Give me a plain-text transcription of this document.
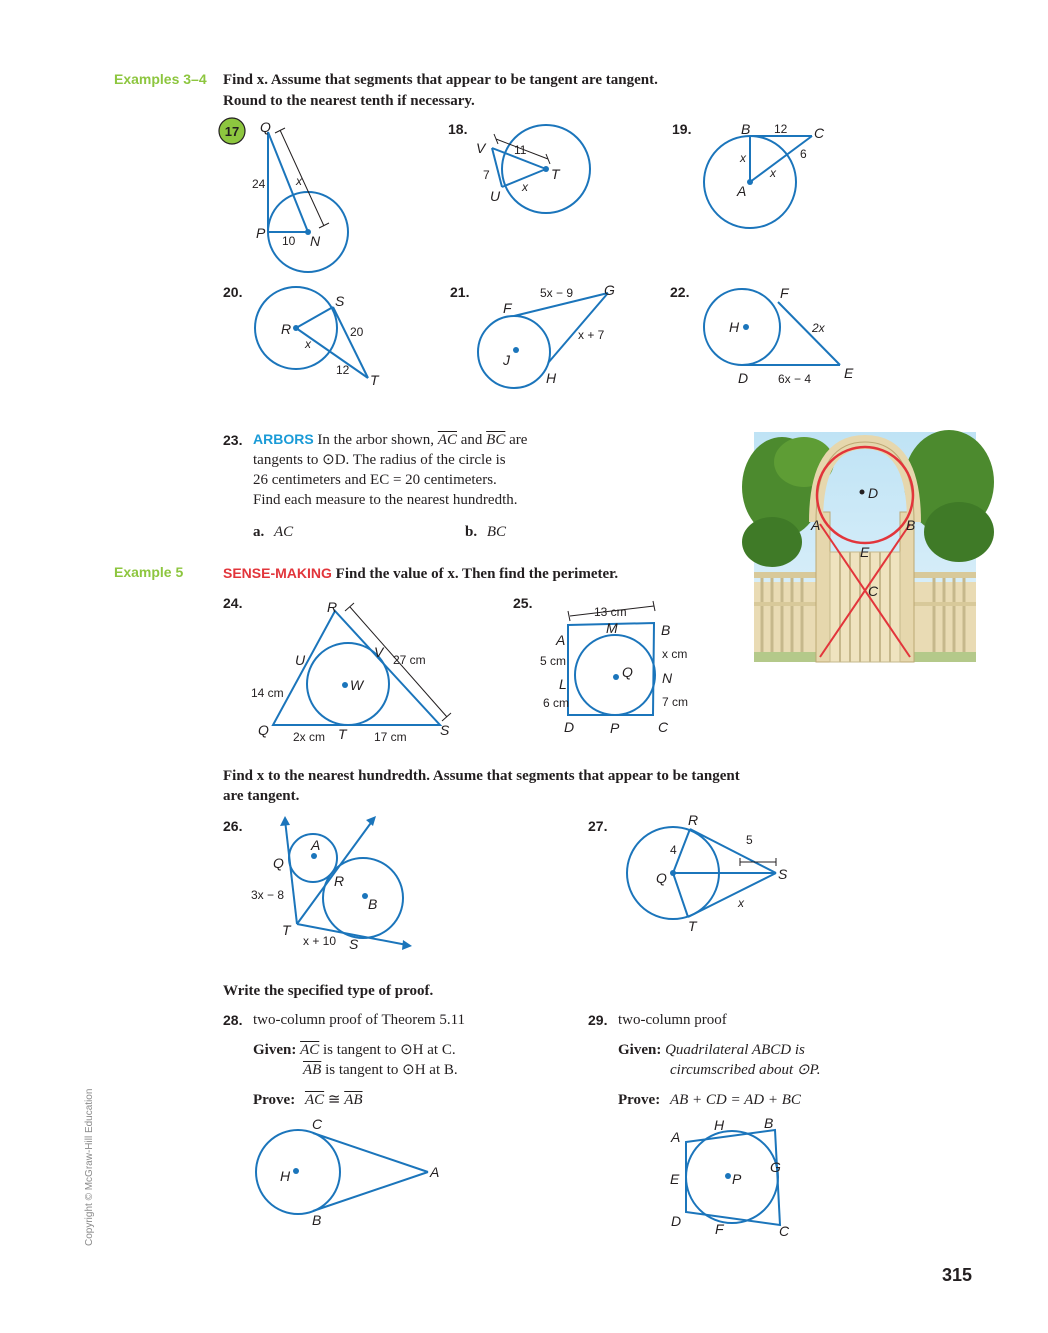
Examples 3–4 Find x. Assume that segments that appear to be tangent are tangent.
Round to the nearest tenth if necessary.
17	18.	19.
20.	21.	22.
Q
P	N
24
10
x
V
T
U
11
7
x
B	C
A
12
6
x
x
R
S
T
20
12
x
F
G
H
J
5x − 9
x + 7	H
F
D	E
2x
6x − 4
23. ARBORS In the arbor shown, $\overline{AC}$ and $\overline{BC}$ are
tangents to ⊙D. The radius of the circle is
26 centimeters and EC = 20 centimeters.
Find each measure to the nearest hundredth.
a. AC	b. BC
D
A	B
E
C
Example 5	SENSE-MAKING Find the value of x. Then find the perimeter.
24.	25.
R
U	V
W
Q	T	S
27 cm
14 cm
2x cm	17 cm
A
M	B
L
Q N
D	P	C
13 cm
5 cm
6 cm
x cm
7 cm
Find x to the nearest hundredth. Assume that segments that appear to be tangent
are tangent.
26.	27.
A
Q
R
B
T
S
3x − 8
x + 10
R
Q	S
T
4
5
x
Write the specified type of proof.
28. two-column proof of Theorem 5.11
Given: $\overline{AC}$ is tangent to ⊙H at C.
$\overline{AB}$ is tangent to ⊙H at B.
Prove: $\overline{AC}$ ≅ $\overline{AB}$
C
H	A
B
29. two-column proof
Given: Quadrilateral ABCD is
circumscribed about ⊙P.
Prove: AB + CD = AD + BC
H	B
A
G
E	P
D F	C
Copyright © McGraw-Hill Education
315
